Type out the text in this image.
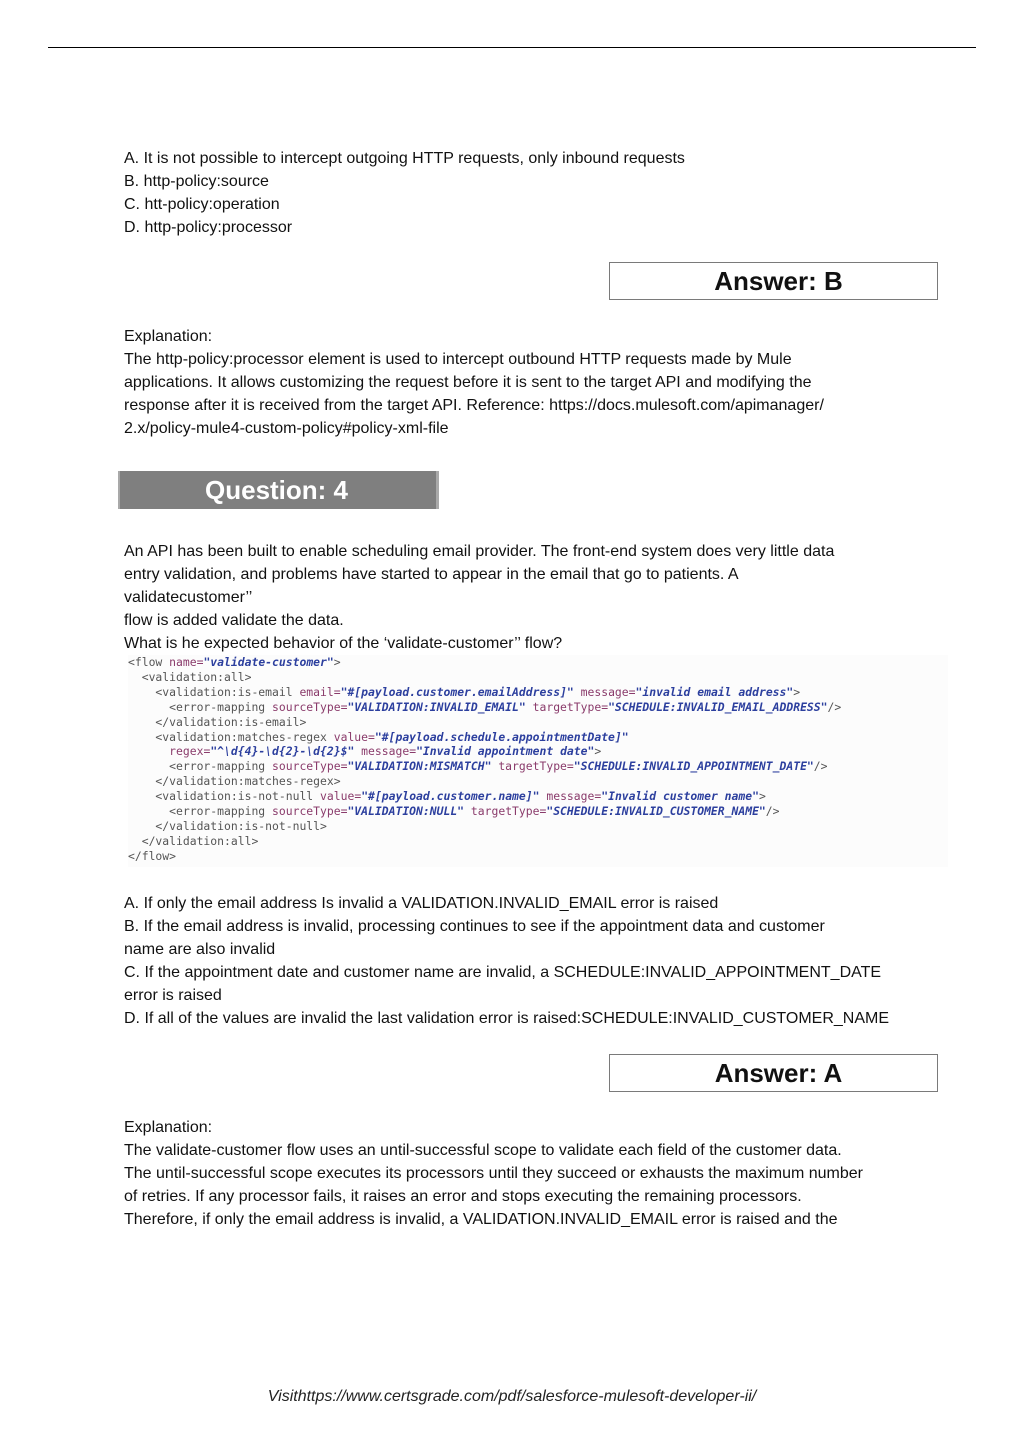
A. It is not possible to intercept outgoing HTTP requests, only inbound requests
B. http-policy:source
C. htt-policy:operation
D. http-policy:processor
Answer: B
Explanation:
The http-policy:processor element is used to intercept outbound HTTP requests made by Mule
applications. It allows customizing the request before it is sent to the target API and modifying the
response after it is received from the target API. Reference: https://docs.mulesoft.com/apimanager/
2.x/policy-mule4-custom-policy#policy-xml-file
Question: 4
An API has been built to enable scheduling email provider. The front-end system does very little data
entry validation, and problems have started to appear in the email that go to patients. A
validatecustomer’’
flow is added validate the data.
What is he expected behavior of the ‘validate-customer’’ flow?
<flow name="validate-customer">
<validation:all>
<validation:is-email email="#[payload.customer.emailAddress]" message="invalid email address">
<error-mapping sourceType="VALIDATION:INVALID_EMAIL" targetType="SCHEDULE:INVALID_EMAIL_ADDRESS"/>
</validation:is-email>
<validation:matches-regex value="#[payload.schedule.appointmentDate]"
regex="^\d{4}-\d{2}-\d{2}$" message="Invalid appointment date">
<error-mapping sourceType="VALIDATION:MISMATCH" targetType="SCHEDULE:INVALID_APPOINTMENT_DATE"/>
</validation:matches-regex>
<validation:is-not-null value="#[payload.customer.name]" message="Invalid customer name">
<error-mapping sourceType="VALIDATION:NULL" targetType="SCHEDULE:INVALID_CUSTOMER_NAME"/>
</validation:is-not-null>
</validation:all>
</flow>
A. If only the email address Is invalid a VALIDATION.INVALID_EMAIL error is raised
B. If the email address is invalid, processing continues to see if the appointment data and customer
name are also invalid
C. If the appointment date and customer name are invalid, a SCHEDULE:INVALID_APPOINTMENT_DATE
error is raised
D. If all of the values are invalid the last validation error is raised:SCHEDULE:INVALID_CUSTOMER_NAME
Answer: A
Explanation:
The validate-customer flow uses an until-successful scope to validate each field of the customer data.
The until-successful scope executes its processors until they succeed or exhausts the maximum number
of retries. If any processor fails, it raises an error and stops executing the remaining processors.
Therefore, if only the email address is invalid, a VALIDATION.INVALID_EMAIL error is raised and the
Visithttps://www.certsgrade.com/pdf/salesforce-mulesoft-developer-ii/
